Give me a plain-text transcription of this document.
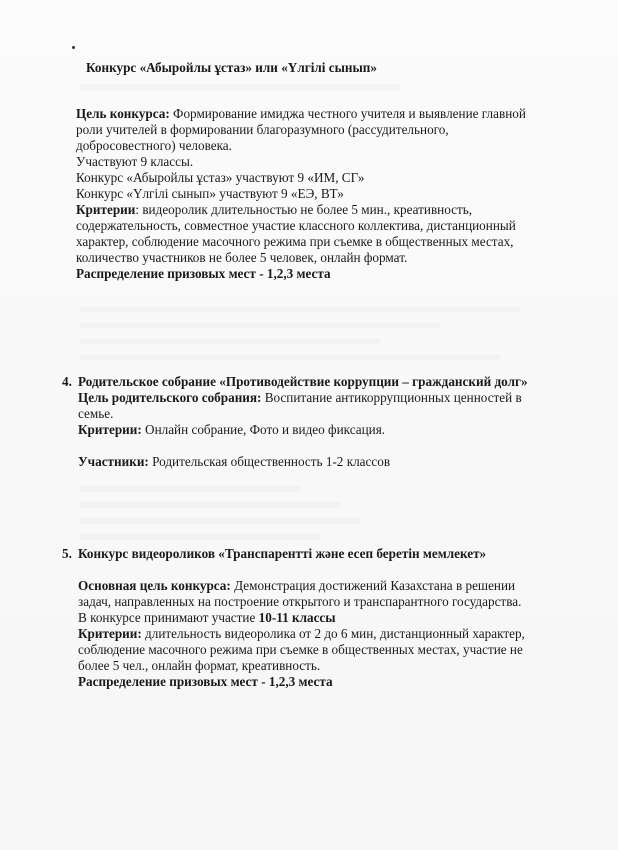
Конкурс «Абыройлы ұстаз» или «Үлгілі сынып»
Цель конкурса: Формирование имиджа честного учителя и выявление главной
роли учителей в формировании благоразумного (рассудительного,
добросовестного) человека.
Участвуют 9 классы.
Конкурс «Абыройлы ұстаз» участвуют 9 «ИМ, СГ»
Конкурс «Үлгілі сынып» участвуют 9 «ЕЭ, ВТ»
Критерии: видеоролик длительностью не более 5 мин., креативность,
содержательность, совместное участие классного коллектива, дистанционный
характер, соблюдение масочного режима при съемке в общественных местах,
количество участников не более 5 человек, онлайн формат.
Распределение призовых мест - 1,2,3 места
4. Родительское собрание «Противодействие коррупции – гражданский долг»
Цель родительского собрания: Воспитание антикоррупционных ценностей в
семье.
Критерии: Онлайн собрание, Фото и видео фиксация.
Участники: Родительская общественность 1-2 классов
5. Конкурс видеороликов «Транспарентті және есеп беретін мемлекет»
Основная цель конкурса: Демонстрация достижений Казахстана в решении
задач, направленных на построение открытого и транспарантного государства.
В конкурсе принимают участие 10-11 классы
Критерии: длительность видеоролика от 2 до 6 мин, дистанционный характер,
соблюдение масочного режима при съемке в общественных местах, участие не
более 5 чел., онлайн формат, креативность.
Распределение призовых мест - 1,2,3 места
